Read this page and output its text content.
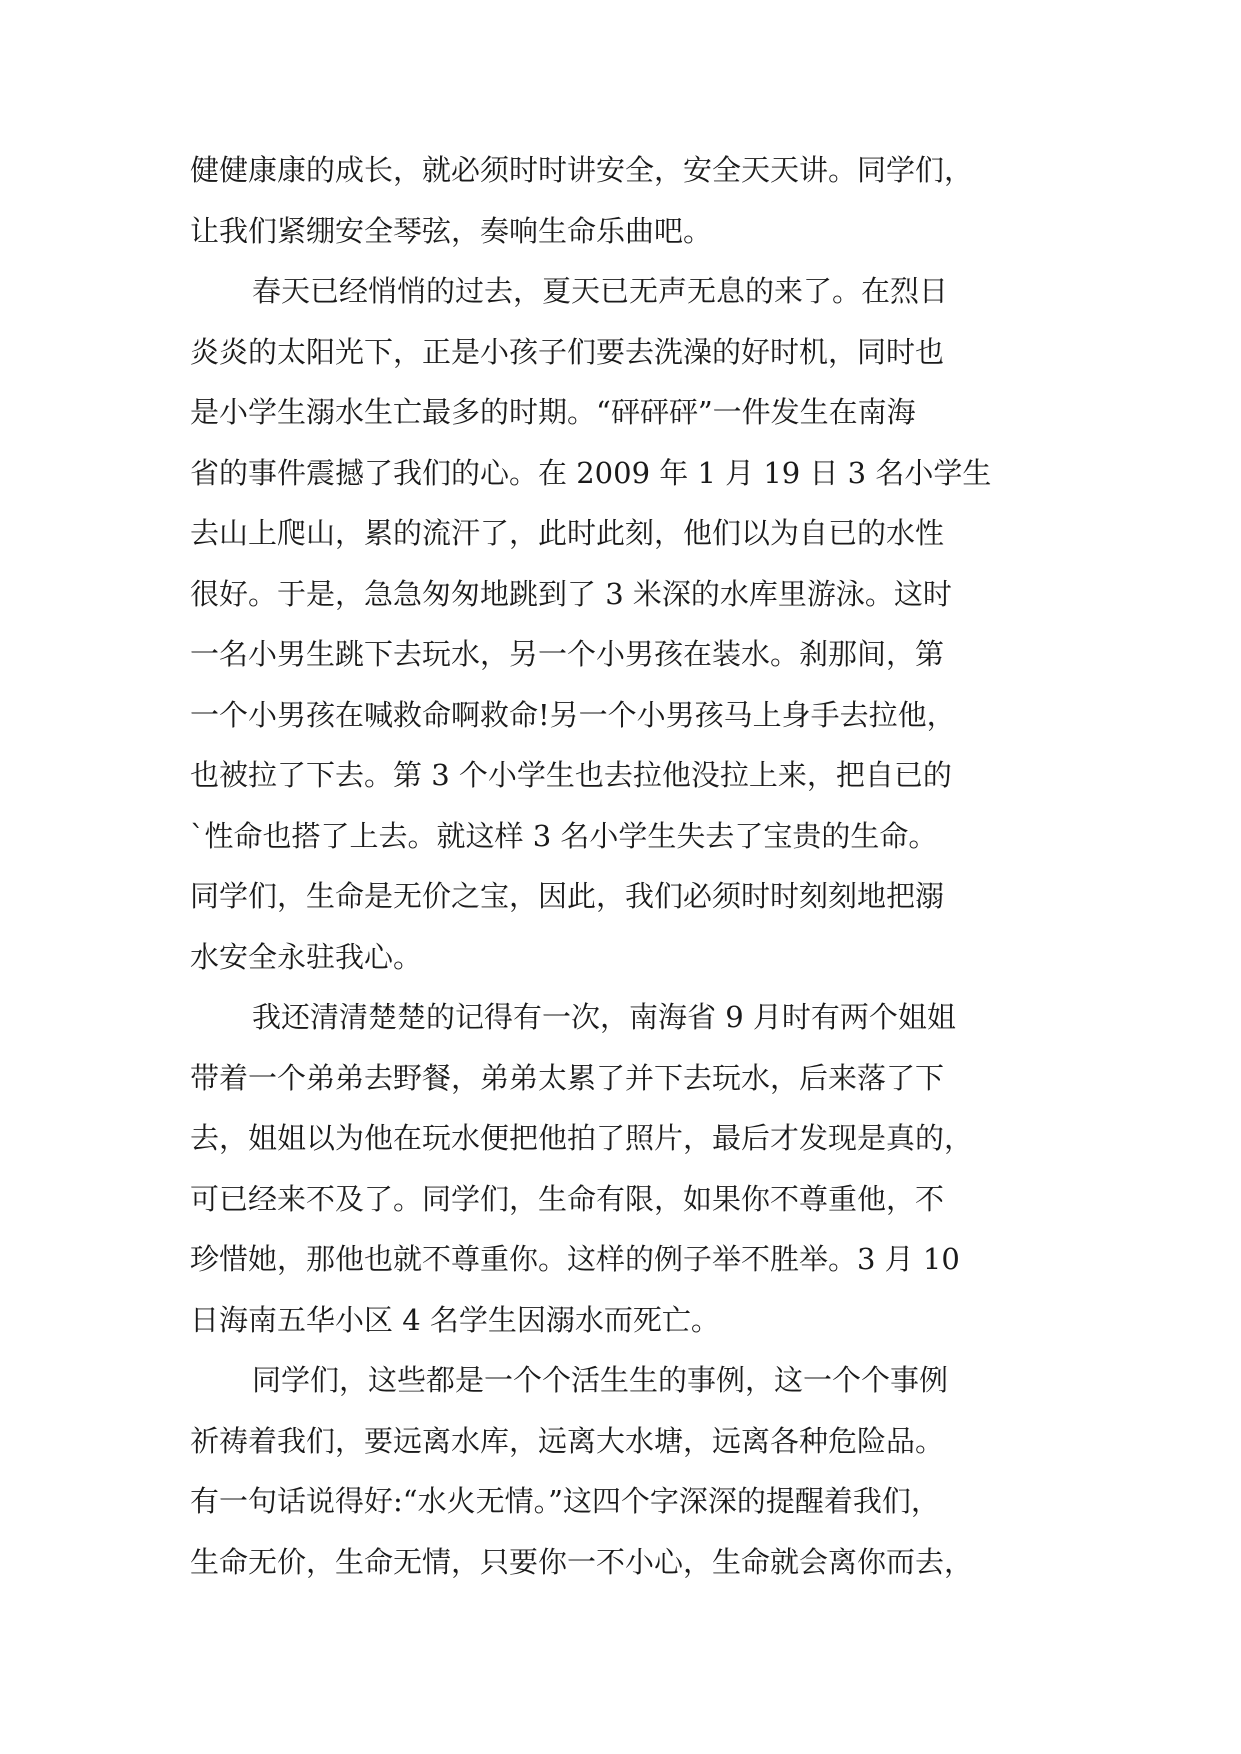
健健康康的成长，就必须时时讲安全，安全天天讲。同学们，
让我们紧绷安全琴弦，奏响生命乐曲吧。
春天已经悄悄的过去，夏天已无声无息的来了。在烈日
炎炎的太阳光下，正是小孩子们要去洗澡的好时机，同时也
是小学生溺水生亡最多的时期。“砰砰砰”一件发生在南海
省的事件震撼了我们的心。在 2009 年 1 月 19 日 3 名小学生
去山上爬山，累的流汗了，此时此刻，他们以为自已的水性
很好。于是，急急匆匆地跳到了 3 米深的水库里游泳。这时
一名小男生跳下去玩水，另一个小男孩在装水。刹那间，第
一个小男孩在喊救命啊救命!另一个小男孩马上身手去拉他，
也被拉了下去。第 3 个小学生也去拉他没拉上来，把自已的
`性命也搭了上去。就这样 3 名小学生失去了宝贵的生命。
同学们，生命是无价之宝，因此，我们必须时时刻刻地把溺
水安全永驻我心。
我还清清楚楚的记得有一次，南海省 9 月时有两个姐姐
带着一个弟弟去野餐，弟弟太累了并下去玩水，后来落了下
去，姐姐以为他在玩水便把他拍了照片，最后才发现是真的，
可已经来不及了。同学们，生命有限，如果你不尊重他，不
珍惜她，那他也就不尊重你。这样的例子举不胜举。3 月 10
日海南五华小区 4 名学生因溺水而死亡。
同学们，这些都是一个个活生生的事例，这一个个事例
祈祷着我们，要远离水库，远离大水塘，远离各种危险品。
有一句话说得好:“水火无情。”这四个字深深的提醒着我们，
生命无价，生命无情，只要你一不小心，生命就会离你而去，
